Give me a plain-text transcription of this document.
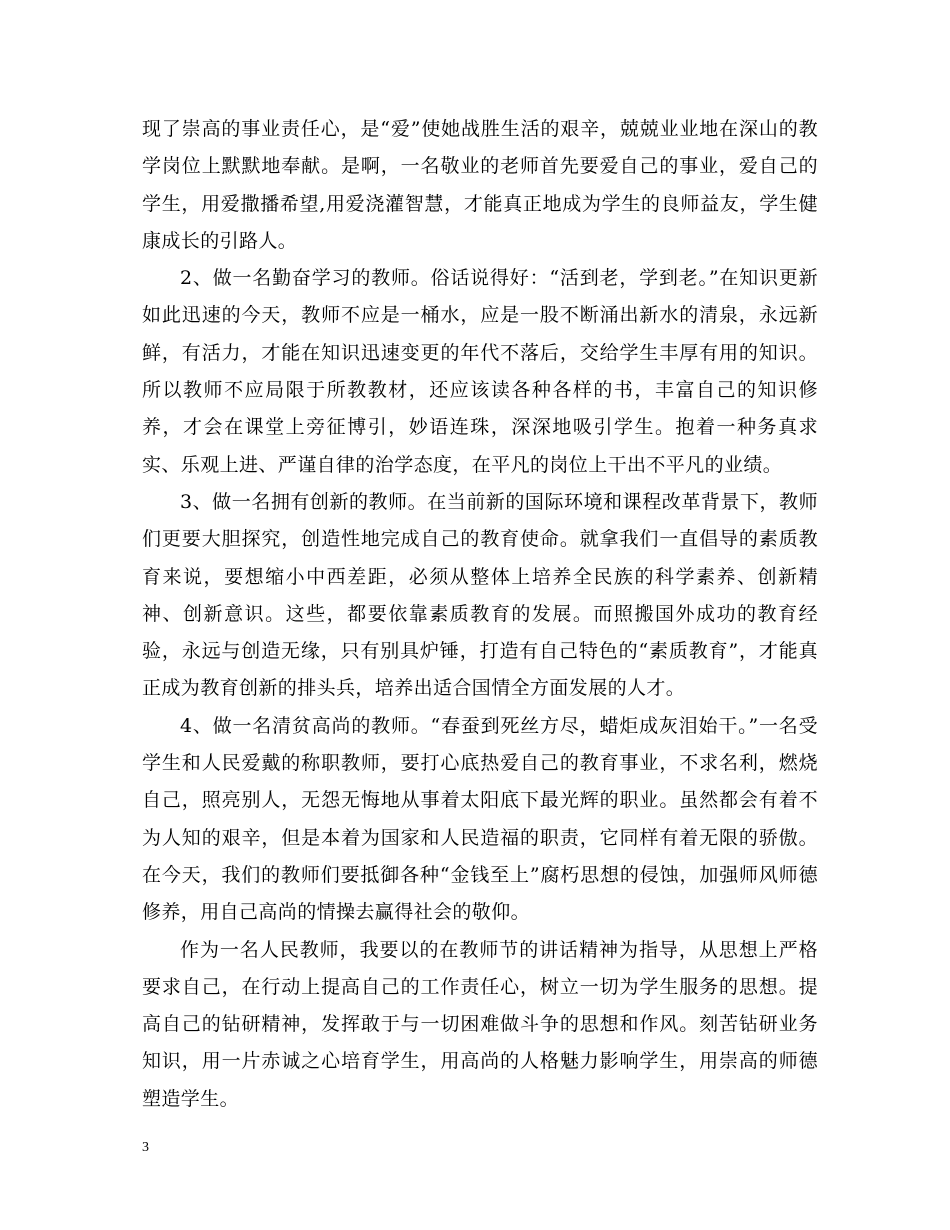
现了崇高的事业责任心，是“爱”使她战胜生活的艰辛，兢兢业业地在深山的教学岗位上默默地奉献。是啊，一名敬业的老师首先要爱自己的事业，爱自己的学生，用爱撒播希望,用爱浇灌智慧，才能真正地成为学生的良师益友，学生健康成长的引路人。

2、做一名勤奋学习的教师。俗话说得好：“活到老，学到老。”在知识更新如此迅速的今天，教师不应是一桶水，应是一股不断涌出新水的清泉，永远新鲜，有活力，才能在知识迅速变更的年代不落后，交给学生丰厚有用的知识。所以教师不应局限于所教教材，还应该读各种各样的书，丰富自己的知识修养，才会在课堂上旁征博引，妙语连珠，深深地吸引学生。抱着一种务真求实、乐观上进、严谨自律的治学态度，在平凡的岗位上干出不平凡的业绩。

3、做一名拥有创新的教师。在当前新的国际环境和课程改革背景下，教师们更要大胆探究，创造性地完成自己的教育使命。就拿我们一直倡导的素质教育来说，要想缩小中西差距，必须从整体上培养全民族的科学素养、创新精神、创新意识。这些，都要依靠素质教育的发展。而照搬国外成功的教育经验，永远与创造无缘，只有别具炉锤，打造有自己特色的“素质教育”，才能真正成为教育创新的排头兵，培养出适合国情全方面发展的人才。

4、做一名清贫高尚的教师。“春蚕到死丝方尽，蜡炬成灰泪始干。”一名受学生和人民爱戴的称职教师，要打心底热爱自己的教育事业，不求名利，燃烧自己，照亮别人，无怨无悔地从事着太阳底下最光辉的职业。虽然都会有着不为人知的艰辛，但是本着为国家和人民造福的职责，它同样有着无限的骄傲。在今天，我们的教师们要抵御各种“金钱至上”腐朽思想的侵蚀，加强师风师德修养，用自己高尚的情操去赢得社会的敬仰。

作为一名人民教师，我要以的在教师节的讲话精神为指导，从思想上严格要求自己，在行动上提高自己的工作责任心，树立一切为学生服务的思想。提高自己的钻研精神，发挥敢于与一切困难做斗争的思想和作风。刻苦钻研业务知识，用一片赤诚之心培育学生，用高尚的人格魅力影响学生，用崇高的师德塑造学生。

3
